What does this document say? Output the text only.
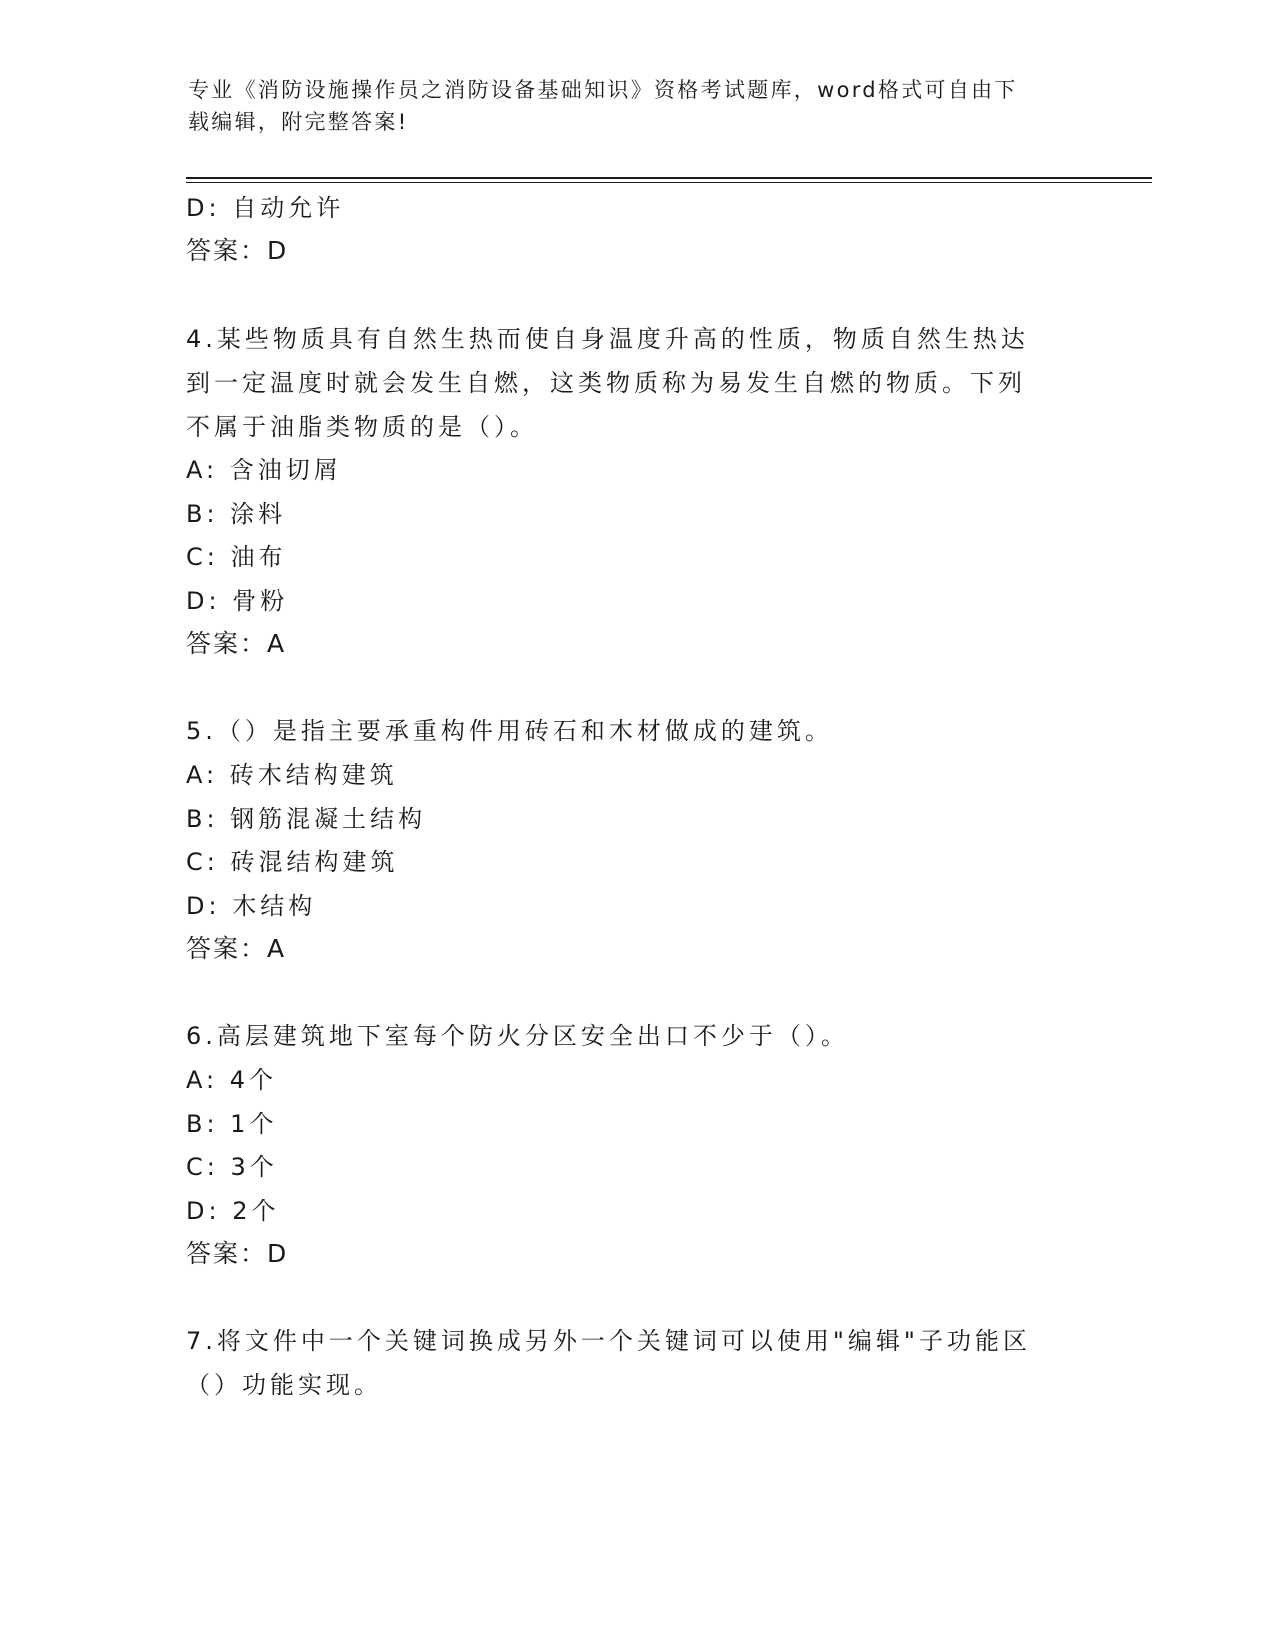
专业《消防设施操作员之消防设备基础知识》资格考试题库，word格式可自由下
载编辑，附完整答案!
D: 自动允许
答案：D
4.某些物质具有自然生热而使自身温度升高的性质，物质自然生热达
到一定温度时就会发生自燃，这类物质称为易发生自燃的物质。下列
不属于油脂类物质的是（）。
A: 含油切屑
B: 涂料
C: 油布
D: 骨粉
答案：A
5.（）是指主要承重构件用砖石和木材做成的建筑。
A: 砖木结构建筑
B: 钢筋混凝土结构
C: 砖混结构建筑
D: 木结构
答案：A
6.高层建筑地下室每个防火分区安全出口不少于（）。
A: 4个
B: 1个
C: 3个
D: 2个
答案：D
7.将文件中一个关键词换成另外一个关键词可以使用"编辑"子功能区
（）功能实现。
